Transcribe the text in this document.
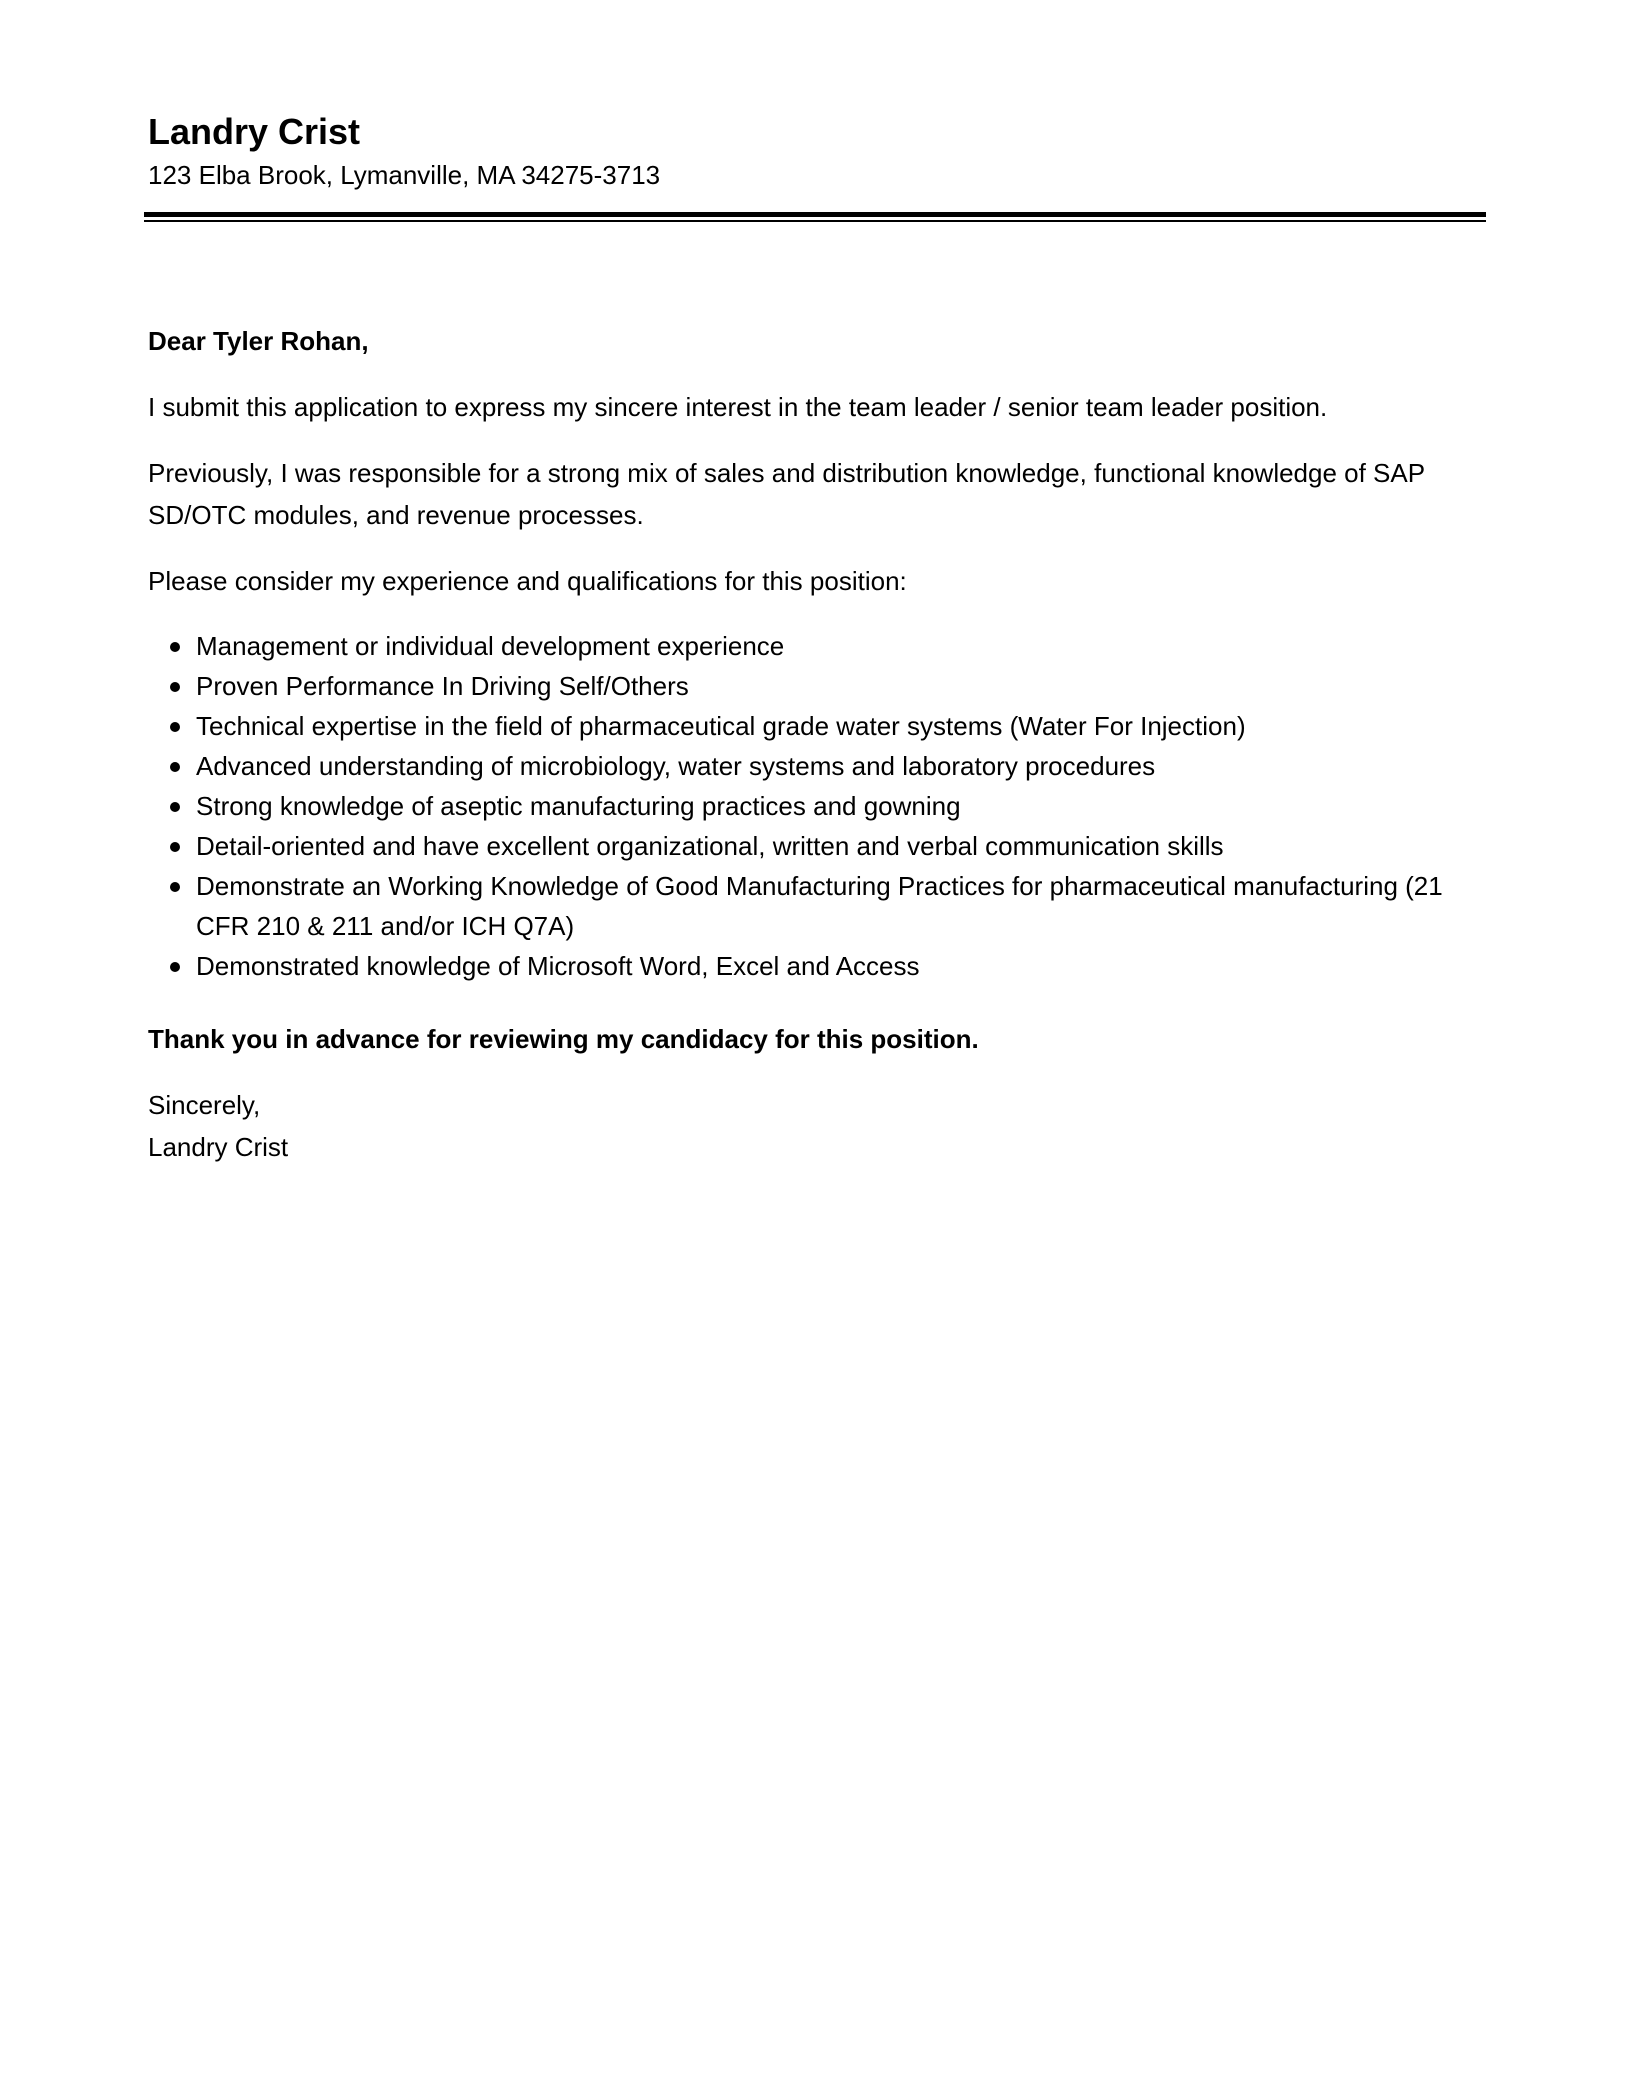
Landry Crist

123 Elba Brook, Lymanville, MA 34275-3713

Dear Tyler Rohan,

I submit this application to express my sincere interest in the team leader / senior team leader position.

Previously, I was responsible for a strong mix of sales and distribution knowledge, functional knowledge of SAP SD/OTC modules, and revenue processes.

Please consider my experience and qualifications for this position:

Management or individual development experience
Proven Performance In Driving Self/Others
Technical expertise in the field of pharmaceutical grade water systems (Water For Injection)
Advanced understanding of microbiology, water systems and laboratory procedures
Strong knowledge of aseptic manufacturing practices and gowning
Detail-oriented and have excellent organizational, written and verbal communication skills
Demonstrate an Working Knowledge of Good Manufacturing Practices for pharmaceutical manufacturing (21 CFR 210 & 211 and/or ICH Q7A)
Demonstrated knowledge of Microsoft Word, Excel and Access

Thank you in advance for reviewing my candidacy for this position.

Sincerely,

Landry Crist
